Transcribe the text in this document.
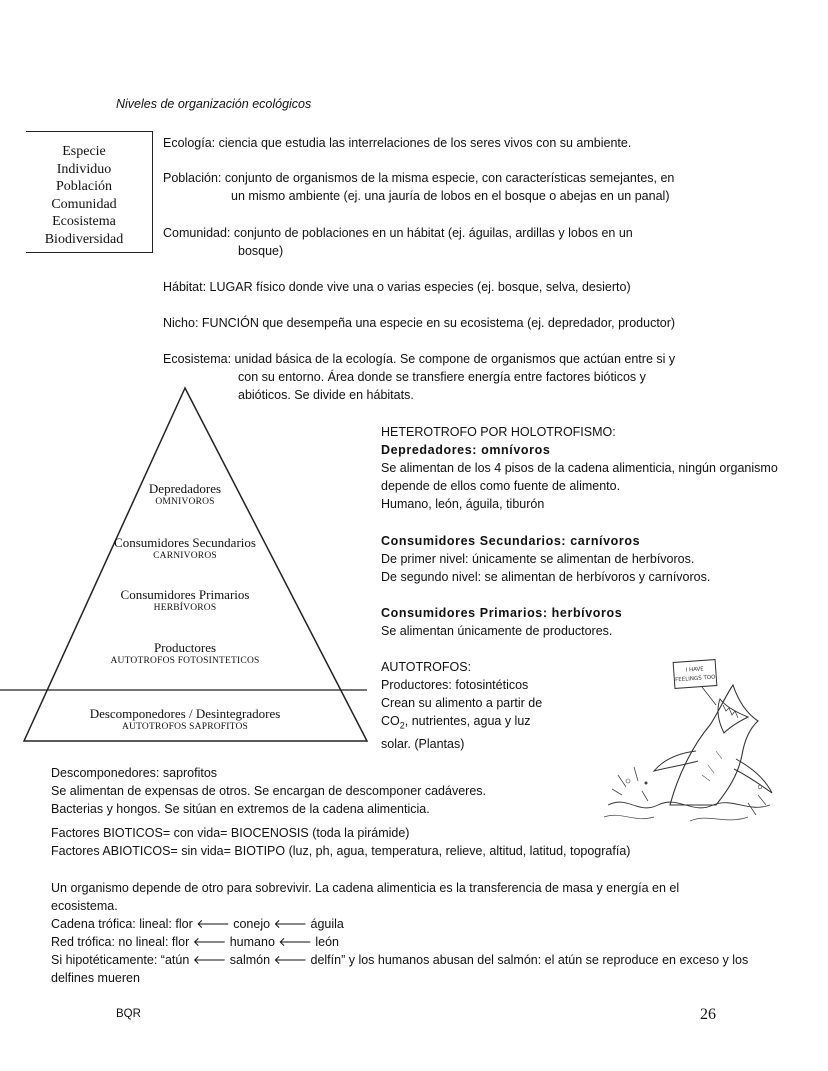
Niveles de organización ecológicos
Especie
Individuo
Población
Comunidad
Ecosistema
Biodiversidad
Ecología: ciencia que estudia las interrelaciones de los seres vivos con su ambiente.
Población: conjunto de organismos de la misma especie, con características semejantes, en
un mismo ambiente (ej. una jauría de lobos en el bosque o abejas en un panal)
Comunidad: conjunto de poblaciones en un hábitat (ej. águilas, ardillas y lobos en un
bosque)
Hábitat: LUGAR físico donde vive una o varias especies (ej. bosque, selva, desierto)
Nicho: FUNCIÓN que desempeña una especie en su ecosistema (ej. depredador, productor)
Ecosistema: unidad básica de la ecología. Se compone de organismos que actúan entre si y
con su entorno. Área donde se transfiere energía entre factores bióticos y
abióticos. Se divide en hábitats.
Depredadores
OMNIVOROS
Consumidores Secundarios
CARNIVOROS
Consumidores Primarios
HERBÍVOROS
Productores
AUTOTROFOS FOTOSINTETICOS
Descomponedores / Desintegradores
AUTOTROFOS SAPROFITOS
HETEROTROFO POR HOLOTROFISMO:
Depredadores: omnívoros
Se alimentan de los 4 pisos de la cadena alimenticia, ningún organismo
depende de ellos como fuente de alimento.
Humano, león, águila, tiburón
Consumidores Secundarios: carnívoros
De primer nivel: únicamente se alimentan de herbívoros.
De segundo nivel: se alimentan de herbívoros y carnívoros.
Consumidores Primarios: herbívoros
Se alimentan únicamente de productores.
AUTOTROFOS:
Productores: fotosintéticos
Crean su alimento a partir de
$CO_2$, nutrientes, agua y luz
solar. (Plantas)
I HAVE
FEELINGS TOO
Descomponedores: saprofitos
Se alimentan de expensas de otros. Se encargan de descomponer cadáveres.
Bacterias y hongos. Se sitúan en extremos de la cadena alimenticia.
Factores BIOTICOS= con vida= BIOCENOSIS (toda la pirámide)
Factores ABIOTICOS= sin vida= BIOTIPO (luz, ph, agua, temperatura, relieve, altitud, latitud, topografía)
Un organismo depende de otro para sobrevivir. La cadena alimenticia es la transferencia de masa y energía en el
ecosistema.
Cadena trófica: lineal: flor 🡐 conejo 🡐 águila
Red trófica: no lineal: flor 🡐 humano 🡐 león
Si hipotéticamente: “atún 🡐 salmón 🡐 delfín” y los humanos abusan del salmón: el atún se reproduce en exceso y los
delfines mueren
BQR	26
